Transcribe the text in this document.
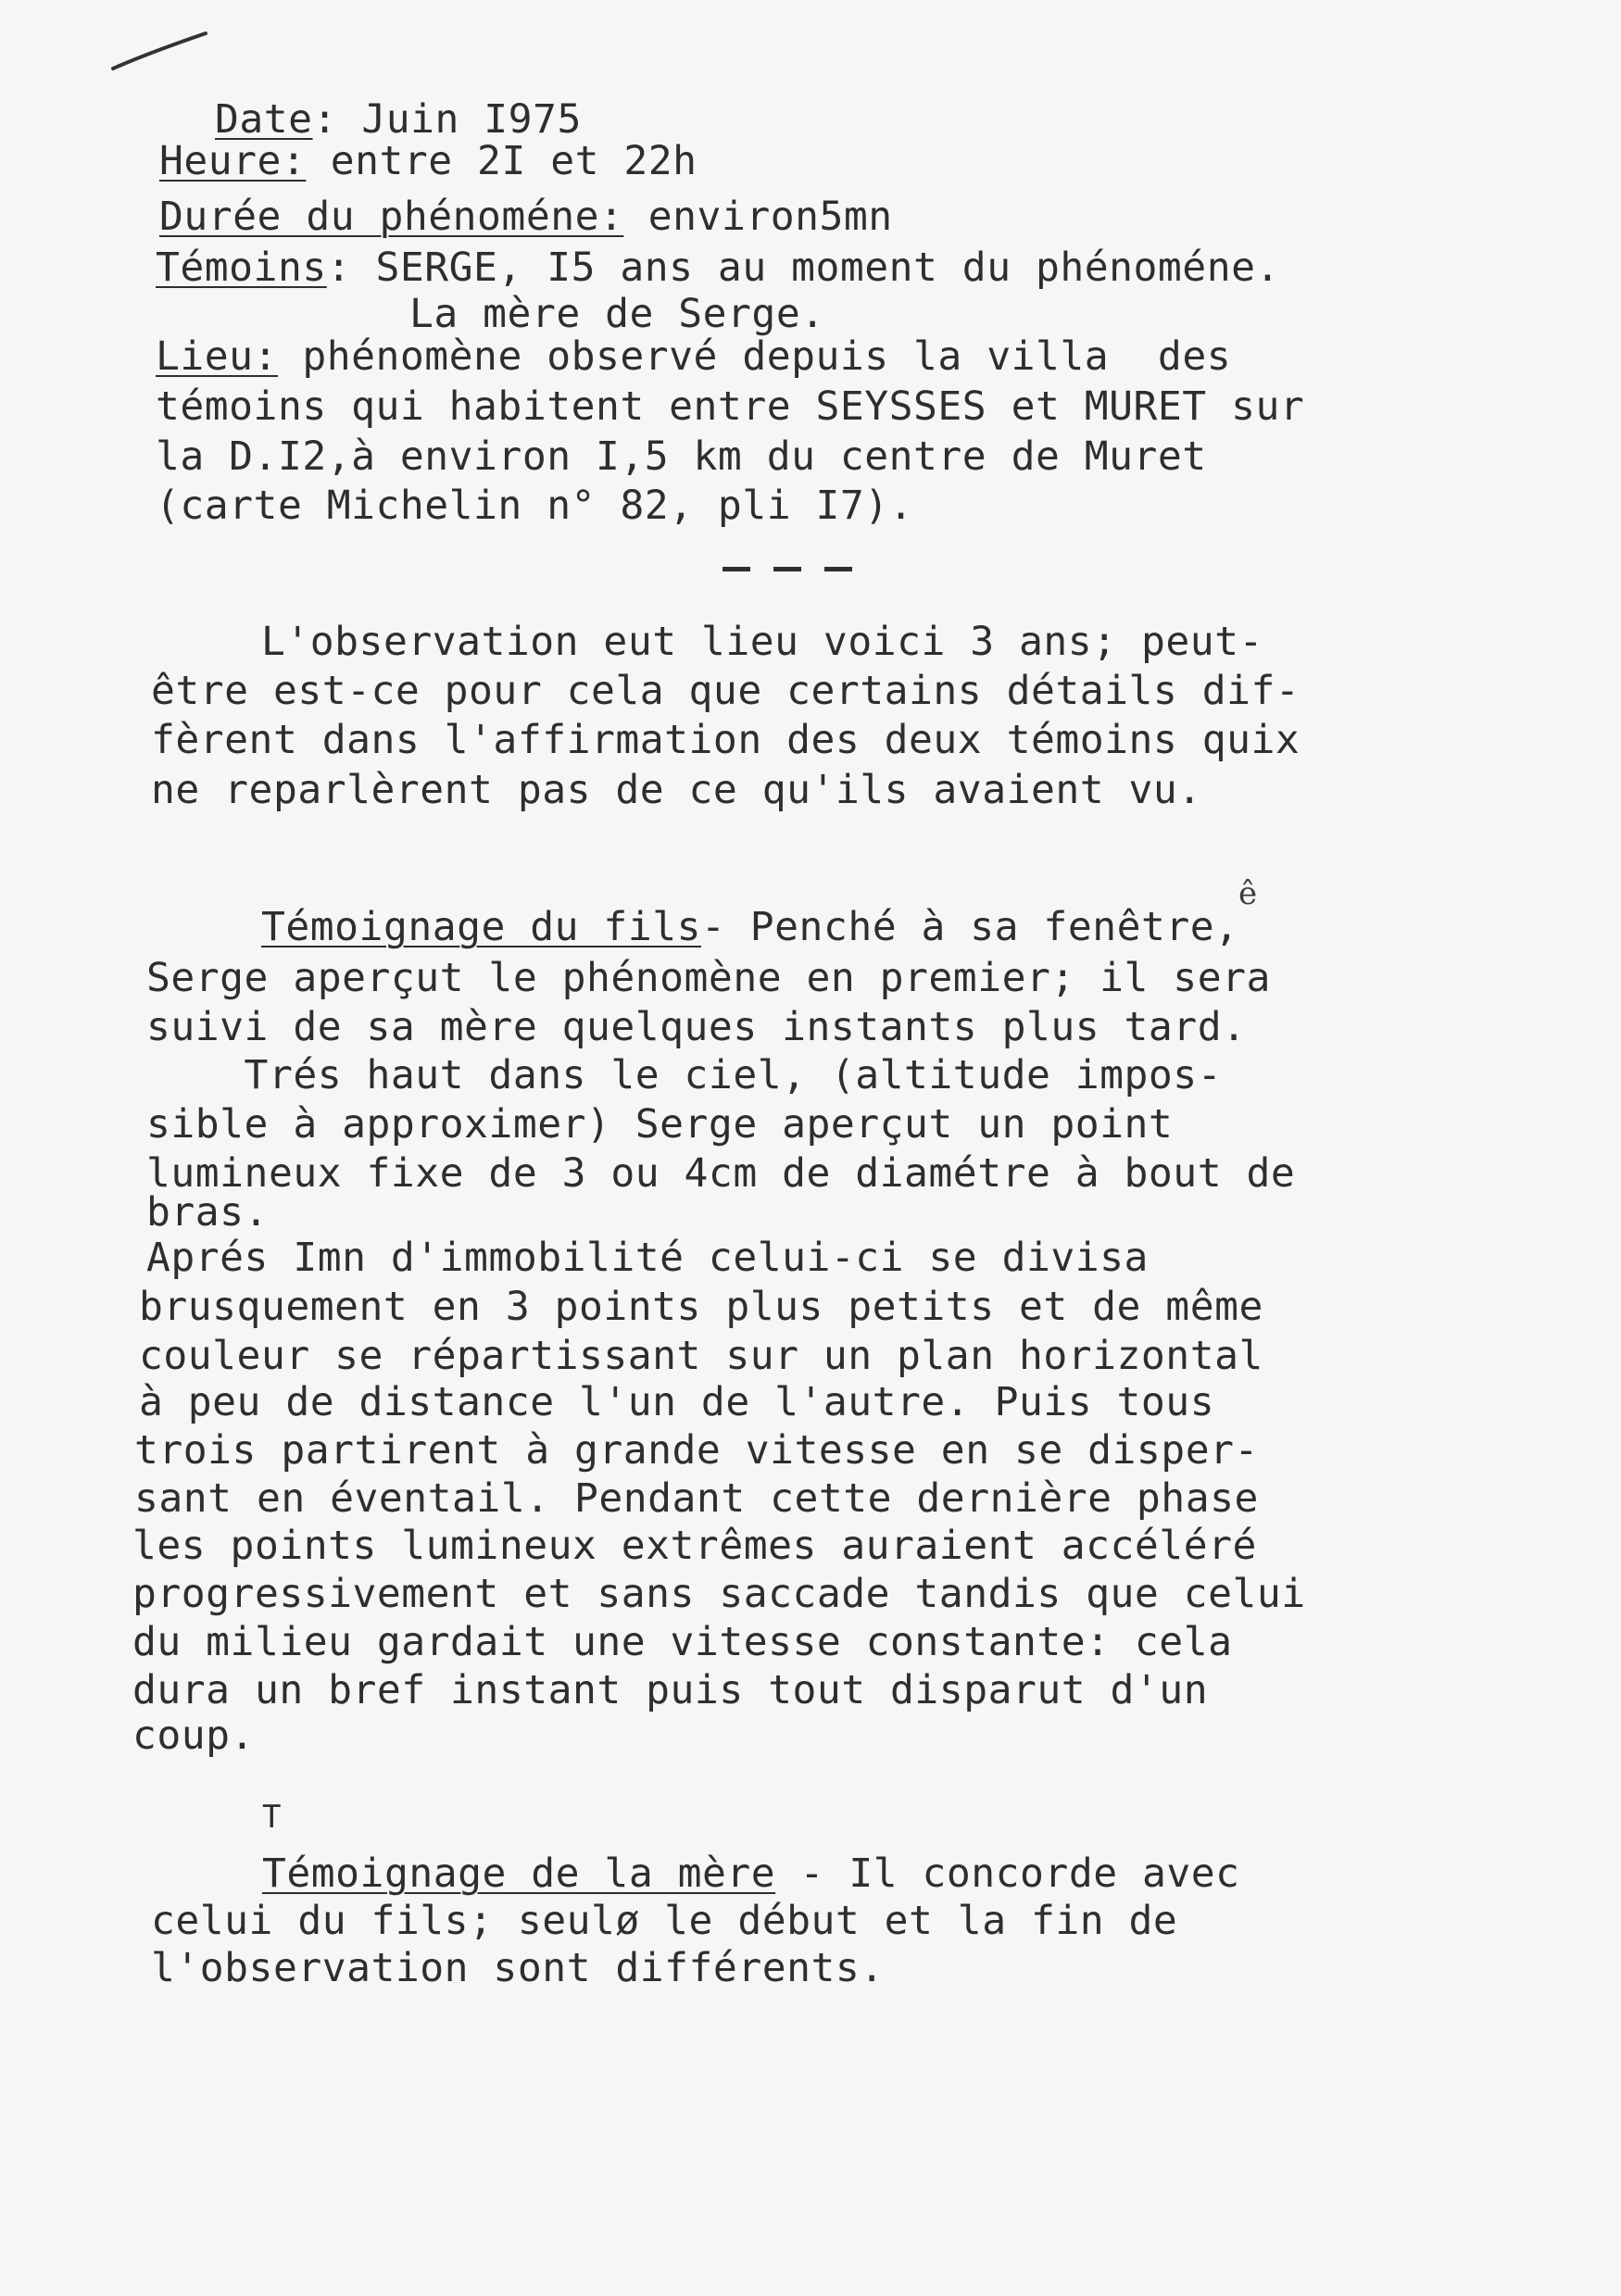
Date: Juin I975
Heure: entre 2I et 22h
Durée du phénoméne: environ5mn
Témoins: SERGE, I5 ans au moment du phénoméne.
La mère de Serge.
Lieu: phénomène observé depuis la villa  des
témoins qui habitent entre SEYSSES et MURET sur
la D.I2,à environ I,5 km du centre de Muret
(carte Michelin n° 82, pli I7).
L'observation eut lieu voici 3 ans; peut-
être est-ce pour cela que certains détails dif-
fèrent dans l'affirmation des deux témoins quix
ne reparlèrent pas de ce qu'ils avaient vu.
ê
Témoignage du fils- Penché à sa fenêtre,
Serge aperçut le phénomène en premier; il sera
suivi de sa mère quelques instants plus tard.
Trés haut dans le ciel, (altitude impos-
sible à approximer) Serge aperçut un point
lumineux fixe de 3 ou 4cm de diamétre à bout de
bras.
Aprés Imn d'immobilité celui-ci se divisa
brusquement en 3 points plus petits et de même
couleur se répartissant sur un plan horizontal
à peu de distance l'un de l'autre. Puis tous
trois partirent à grande vitesse en se disper-
sant en éventail. Pendant cette dernière phase
les points lumineux extrêmes auraient accéléré
progressivement et sans saccade tandis que celui
du milieu gardait une vitesse constante: cela
dura un bref instant puis tout disparut d'un
coup.
T
Témoignage de la mère - Il concorde avec
celui du fils; seulø le début et la fin de
l'observation sont différents.
